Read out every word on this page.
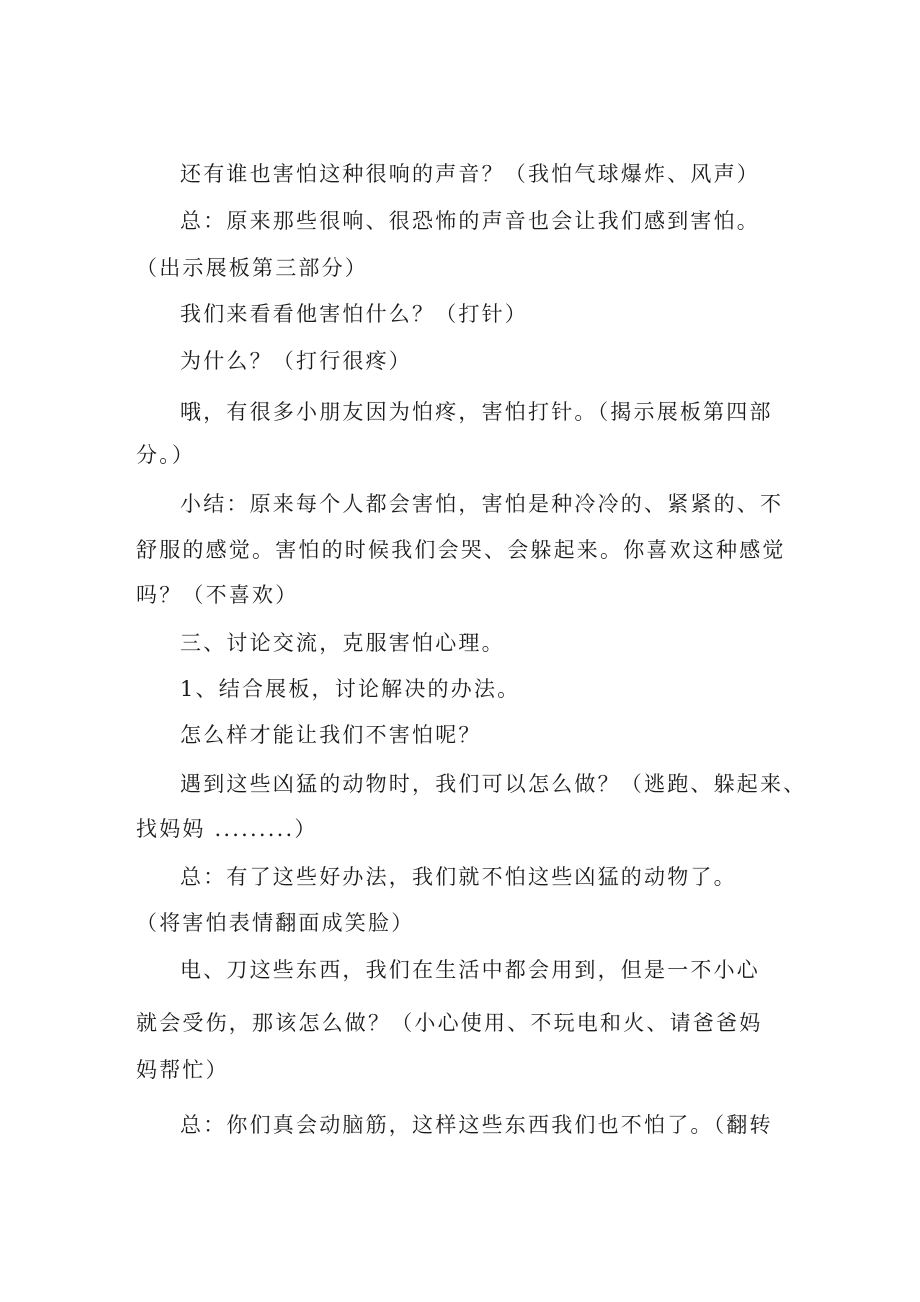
还有谁也害怕这种很响的声音？（我怕气球爆炸、风声）
总：原来那些很响、很恐怖的声音也会让我们感到害怕。
（出示展板第三部分）
我们来看看他害怕什么？（打针）
为什么？（打行很疼）
哦，有很多小朋友因为怕疼，害怕打针。（揭示展板第四部
分。）
小结：原来每个人都会害怕，害怕是种冷冷的、紧紧的、不
舒服的感觉。害怕的时候我们会哭、会躲起来。你喜欢这种感觉
吗？（不喜欢）
三、讨论交流，克服害怕心理。
1、结合展板，讨论解决的办法。
怎么样才能让我们不害怕呢？
遇到这些凶猛的动物时，我们可以怎么做？（逃跑、躲起来、
找妈妈 .........）
总：有了这些好办法，我们就不怕这些凶猛的动物了。
（将害怕表情翻面成笑脸）
电、刀这些东西，我们在生活中都会用到，但是一不小心
就会受伤，那该怎么做？（小心使用、不玩电和火、请爸爸妈
妈帮忙）
总：你们真会动脑筋，这样这些东西我们也不怕了。（翻转
